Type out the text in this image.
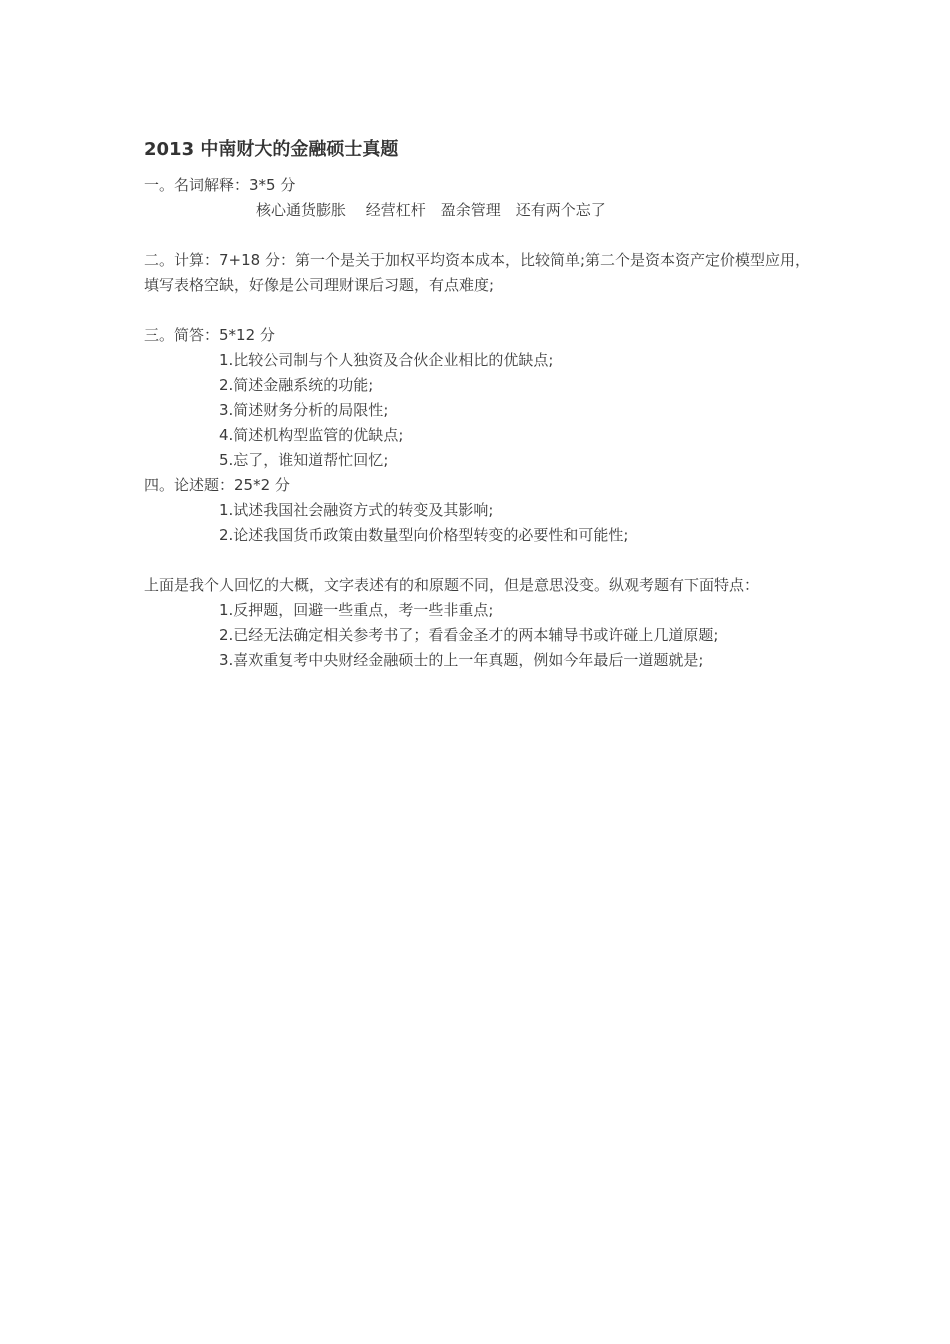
2013 中南财大的金融硕士真题
一。名词解释：3*5 分
核心通货膨胀　 经营杠杆　盈余管理　还有两个忘了
二。计算：7+18 分：第一个是关于加权平均资本成本，比较简单;第二个是资本资产定价模型应用，填写表格空缺，好像是公司理财课后习题，有点难度;
三。简答：5*12 分
1.比较公司制与个人独资及合伙企业相比的优缺点;
2.简述金融系统的功能;
3.简述财务分析的局限性;
4.简述机构型监管的优缺点;
5.忘了，谁知道帮忙回忆;
四。论述题：25*2 分
1.试述我国社会融资方式的转变及其影响;
2.论述我国货币政策由数量型向价格型转变的必要性和可能性;
上面是我个人回忆的大概，文字表述有的和原题不同，但是意思没变。纵观考题有下面特点：
1.反押题，回避一些重点，考一些非重点;
2.已经无法确定相关参考书了；看看金圣才的两本辅导书或许碰上几道原题;
3.喜欢重复考中央财经金融硕士的上一年真题，例如今年最后一道题就是;
